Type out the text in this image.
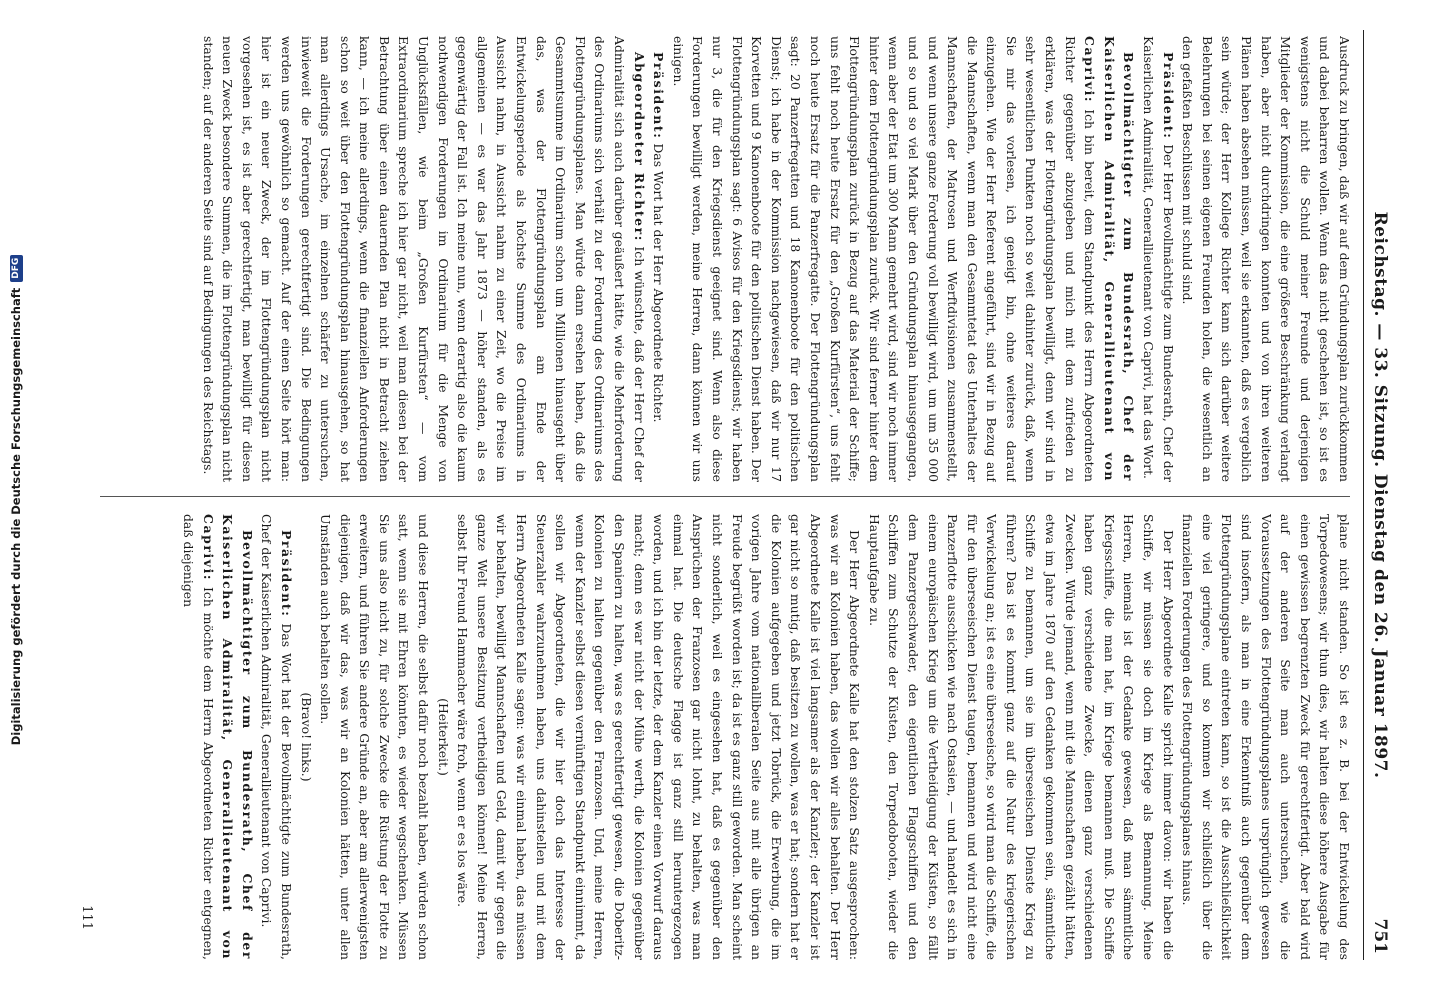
Reichstag. — 33. Sitzung. Dienstag den 26. Januar 1897.
751

Ausdruck zu bringen, daß wir auf dem Gründungsplan zurückkommen und dabei beharren wollen. Wenn das nicht geschehen ist, so ist es wenigstens nicht die Schuld meiner Freunde und derjenigen Mitglieder der Kommission, die eine größere Beschränkung verlangt haben, aber nicht durchdringen konnten und von ihren weiteren Plänen haben absehen müssen, weil sie erkannten, daß es vergeblich sein würde; der Herr Kollege Richter kann sich darüber weitere Belehrungen bei seinen eigenen Freunden holen, die wesentlich an den gefaßten Beschlüssen mit schuld sind.

Präsident: Der Herr Bevollmächtigte zum Bundesrath, Chef der Kaiserlichen Admiralität, Generallieutenant von Caprivi, hat das Wort.

Bevollmächtigter zum Bundesrath, Chef der Kaiserlichen Admiralität, Generallieutenant von Caprivi: Ich bin bereit, dem Standpunkt des Herrn Abgeordneten Richter gegenüber abzugeben und mich mit dem zufrieden zu erklären, was der Flottengründungsplan bewilligt, denn wir sind in sehr wesentlichen Punkten noch so weit dahinter zurück, daß, wenn Sie mir das vorlesen, ich geneigt bin, ohne weiteres darauf einzugehen. Wie der Herr Referent angeführt, sind wir in Bezug auf die Mannschaften, wenn man den Gesammtetat des Unterhaltes der Mannschaften, der Matrosen und Werftdivisionen zusammenstellt, und wenn unsere ganze Forderung voll bewilligt wird, um um 35 000 und so und so viel Mark über den Gründungsplan hinausgegangen, wenn aber der Etat um 300 Mann gemehrt wird, sind wir noch immer hinter dem Flottengründungsplan zurück. Wir sind ferner hinter dem Flottengründungsplan zurück in Bezug auf das Material der Schiffe; uns fehlt noch heute Ersatz für den „Großen Kurfürsten“, uns fehlt noch heute Ersatz für die Panzerfregatte. Der Flottengründungsplan sagt: 20 Panzerfregatten und 18 Kanonenboote für den politischen Dienst; ich habe in der Kommission nachgewiesen, daß wir nur 17 Korvetten und 9 Kanonenboote für den politischen Dienst haben. Der Flottengründungsplan sagt: 6 Avisos für den Kriegsdienst; wir haben nur 3, die für den Kriegsdienst geeignet sind. Wenn also diese Forderungen bewilligt werden, meine Herren, dann können wir uns einigen.

Präsident: Das Wort hat der Herr Abgeordnete Richter.

Abgeordneter Richter: Ich wünschte, daß der Herr Chef der Admiralität sich auch darüber geäußert hätte, wie die Mehrforderung des Ordinariums sich verhält zu der Forderung des Ordinariums des Flottengründungsplanes. Man würde dann ersehen haben, daß die Gesammtsumme im Ordinarium schon um Millionen hinausgeht über das, was der Flottengründungsplan am Ende der Entwickelungsperiode als höchste Summe des Ordinariums in Aussicht nahm, in Aussicht nahm zu einer Zeit, wo die Preise im allgemeinen — es war das Jahr 1873 — höher standen, als es gegenwärtig der Fall ist. Ich meine nun, wenn derartig also die kaum nothwendigen Forderungen im Ordinarium für die Menge von Unglücksfällen, wie beim „Großen Kurfürsten“ — vom Extraordinarium spreche ich hier gar nicht, weil man diesen bei der Betrachtung über einen dauernden Plan nicht in Betracht ziehen kann, — ich meine allerdings, wenn die finanziellen Anforderungen schon so weit über den Flottengründungsplan hinausgehen, so hat man allerdings Ursache, im einzelnen schärfer zu untersuchen, inwieweit die Forderungen gerechtfertigt sind. Die Bedingungen werden uns gewöhnlich so gemacht. Auf der einen Seite hört man: hier ist ein neuer Zweck, der im Flottengründungsplan nicht vorgesehen ist, es ist aber gerechtfertigt, man bewilligt für diesen neuen Zweck besondere Summen, die im Flottengründungsplan nicht standen; auf der anderen Seite sind auf Bedingungen des Reichstags.

plane nicht standen. So ist es z. B. bei der Entwickelung des Torpedowesens; wir thun dies, wir halten diese höhere Ausgabe für einen gewissen begrenzten Zweck für gerechtfertigt. Aber bald wird auf der anderen Seite man auch untersuchen, wie die Voraussetzungen des Flottengründungsplanes ursprünglich gewesen sind insofern, als man in eine Erkenntniß auch gegenüber dem Flottengründungsplane eintreten kann, so ist die Ausschließlichkeit eine viel geringere, und so kommen wir schließlich über die finanziellen Forderungen des Flottengründungsplanes hinaus.

Der Herr Abgeordnete Kalle spricht immer davon: wir haben die Schiffe, wir müssen sie doch im Kriege als Bemannung. Meine Herren, niemals ist der Gedanke gewesen, daß man sämmtliche Kriegsschiffe, die man hat, im Kriege bemannen muß. Die Schiffe haben ganz verschiedene Zwecke, dienen ganz verschiedenen Zwecken. Würde jemand, wenn mit die Mannschaften gezählt hätten, etwa im Jahre 1870 auf den Gedanken gekommen sein, sämmtliche Schiffe zu bemannen, um sie im überseeischen Dienste Krieg zu führen? Das ist es kommt ganz auf die Natur des kriegerischen Verwickelung an; ist es eine überseeische, so wird man die Schiffe, die für den überseeischen Dienst taugen, bemannen und wird nicht eine Panzerflotte ausschicken wie nach Ostasien, — und handelt es sich in einem europäischen Krieg um die Vertheidigung der Küsten, so fällt dem Panzergeschwader, den eigentlichen Flaggschiffen und den Schiffen zum Schutze der Küsten, den Torpedobooten, wieder die Hauptaufgabe zu.

Der Herr Abgeordnete Kalle hat den stolzen Satz ausgesprochen: was wir an Kolonien haben, das wollen wir alles behalten. Der Herr Abgeordnete Kalle ist viel langsamer als der Kanzler; der Kanzler ist gar nicht so mutig, daß besitzen zu wollen, was er hat; sondern hat er die Kolonien aufgegeben und jetzt Tobrück, die Erwerbung, die im vorigen Jahre vom nationalliberalen Seite aus mit alle übrigen an Freude begrüßt worden ist; da ist es ganz still geworden. Man scheint nicht sonderlich, weil es eingesehen hat, daß es gegenüber den Ansprüchen der Franzosen gar nicht lohnt, zu behalten, was man einmal hat. Die deutsche Flagge ist ganz still heruntergezogen worden, und ich bin der letzte, der dem Kanzler einen Vorwurf daraus macht; denn es war nicht der Mühe werth, die Kolonien gegenüber den Spaniern zu halten, was es gerechtfertigt gewesen, die Doberitz-Kolonien zu halten gegenüber den Franzosen. Und, meine Herren, wenn der Kanzler selbst diesen vernünftigen Standpunkt einnimmt, da sollen wir Abgeordneten, die wir hier doch das Interesse der Steuerzahler wahrzunehmen haben, uns dahinstellen und mit dem Herrn Abgeordneten Kalle sagen: was wir einmal haben, das müssen wir behalten, bewilligt Mannschaften und Geld, damit wir gegen die ganze Welt unsere Besitzung vertheidigen können! Meine Herren, selbst Ihr Freund Hammacher wäre froh, wenn er es los wäre.

(Heiterkeit.)

und diese Herren, die selbst dafür noch bezahlt haben, würden schon satt, wenn sie mit Ehren könnten, es wieder wegschenken. Müssen Sie uns also nicht zu, für solche Zwecke die Rüstung der Flotte zu erweitern, und führen Sie andere Gründe an, aber am allerwenigsten diejenigen, daß wir das, was wir an Kolonien hätten, unter allen Umständen auch behalten sollen.

(Bravo! links.)

Präsident: Das Wort hat der Bevollmächtigte zum Bundesrath, Chef der Kaiserlichen Admiralität, Generallieutenant von Caprivi.

Bevollmächtigter zum Bundesrath, Chef der Kaiserlichen Admiralität, Generallieutenant von Caprivi: Ich möchte dem Herrn Abgeordneten Richter entgegnen, daß diejenigen

111
Digitalisierung gefördert durch die Deutsche ForschungsgemeinschaftDFG
